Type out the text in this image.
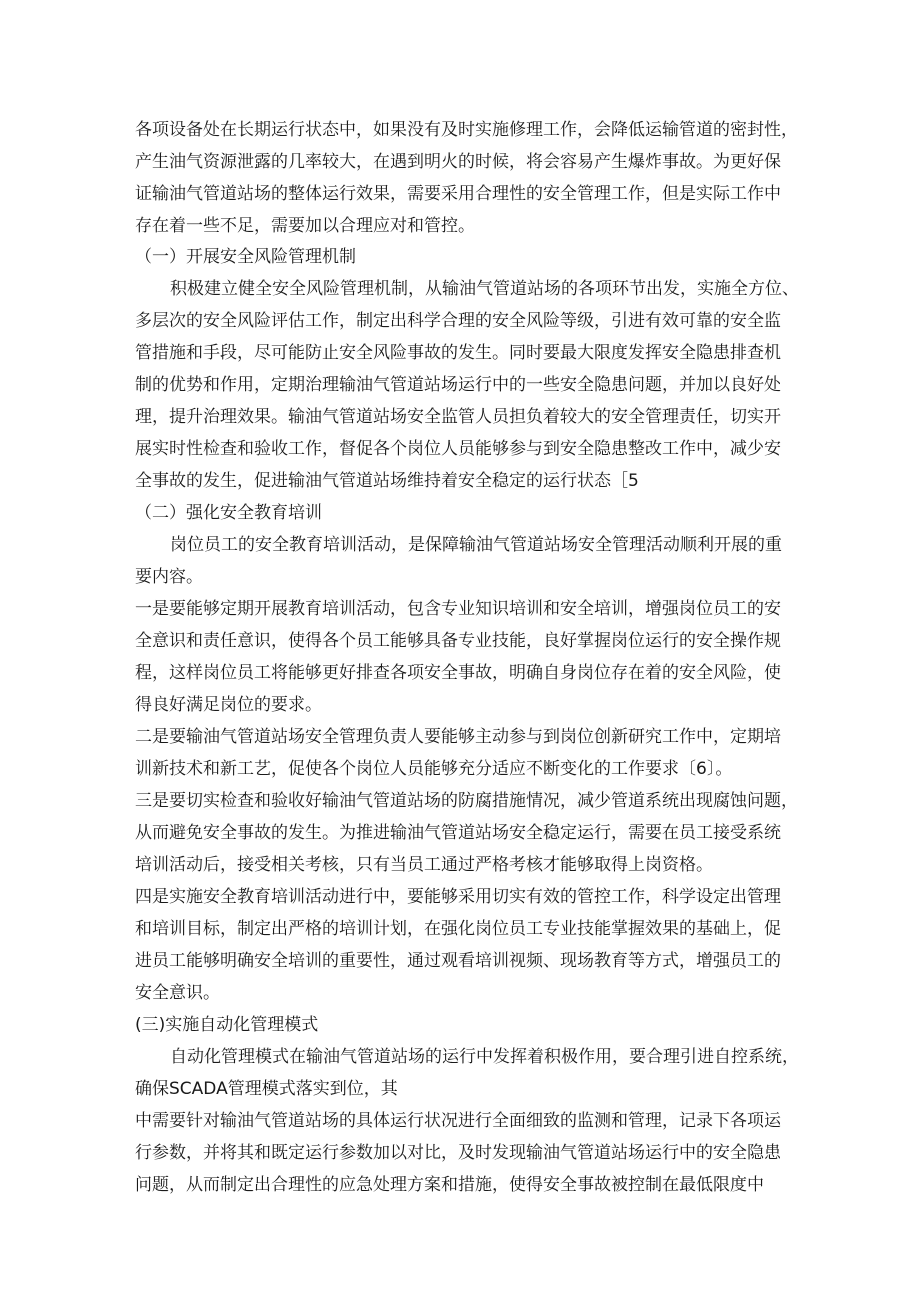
各项设备处在长期运行状态中，如果没有及时实施修理工作，会降低运输管道的密封性，
产生油气资源泄露的几率较大，在遇到明火的时候，将会容易产生爆炸事故。为更好保
证输油气管道站场的整体运行效果，需要采用合理性的安全管理工作，但是实际工作中
存在着一些不足，需要加以合理应对和管控。
（一）开展安全风险管理机制
积极建立健全安全风险管理机制，从输油气管道站场的各项环节出发，实施全方位、
多层次的安全风险评估工作，制定出科学合理的安全风险等级，引进有效可靠的安全监
管措施和手段，尽可能防止安全风险事故的发生。同时要最大限度发挥安全隐患排查机
制的优势和作用，定期治理输油气管道站场运行中的一些安全隐患问题，并加以良好处
理，提升治理效果。输油气管道站场安全监管人员担负着较大的安全管理责任，切实开
展实时性检查和验收工作，督促各个岗位人员能够参与到安全隐患整改工作中，减少安
全事故的发生，促进输油气管道站场维持着安全稳定的运行状态［5
（二）强化安全教育培训
岗位员工的安全教育培训活动，是保障输油气管道站场安全管理活动顺利开展的重
要内容。
一是要能够定期开展教育培训活动，包含专业知识培训和安全培训，增强岗位员工的安
全意识和责任意识，使得各个员工能够具备专业技能，良好掌握岗位运行的安全操作规
程，这样岗位员工将能够更好排查各项安全事故，明确自身岗位存在着的安全风险，使
得良好满足岗位的要求。
二是要输油气管道站场安全管理负责人要能够主动参与到岗位创新研究工作中，定期培
训新技术和新工艺，促使各个岗位人员能够充分适应不断变化的工作要求〔6〕。
三是要切实检查和验收好输油气管道站场的防腐措施情况，减少管道系统出现腐蚀问题，
从而避免安全事故的发生。为推进输油气管道站场安全稳定运行，需要在员工接受系统
培训活动后，接受相关考核，只有当员工通过严格考核才能够取得上岗资格。
四是实施安全教育培训活动进行中，要能够采用切实有效的管控工作，科学设定出管理
和培训目标，制定出严格的培训计划，在强化岗位员工专业技能掌握效果的基础上，促
进员工能够明确安全培训的重要性，通过观看培训视频、现场教育等方式，增强员工的
安全意识。
(三)实施自动化管理模式
自动化管理模式在输油气管道站场的运行中发挥着积极作用，要合理引进自控系统，
确保SCADA管理模式落实到位，其
中需要针对输油气管道站场的具体运行状况进行全面细致的监测和管理，记录下各项运
行参数，并将其和既定运行参数加以对比，及时发现输油气管道站场运行中的安全隐患
问题，从而制定出合理性的应急处理方案和措施，使得安全事故被控制在最低限度中
